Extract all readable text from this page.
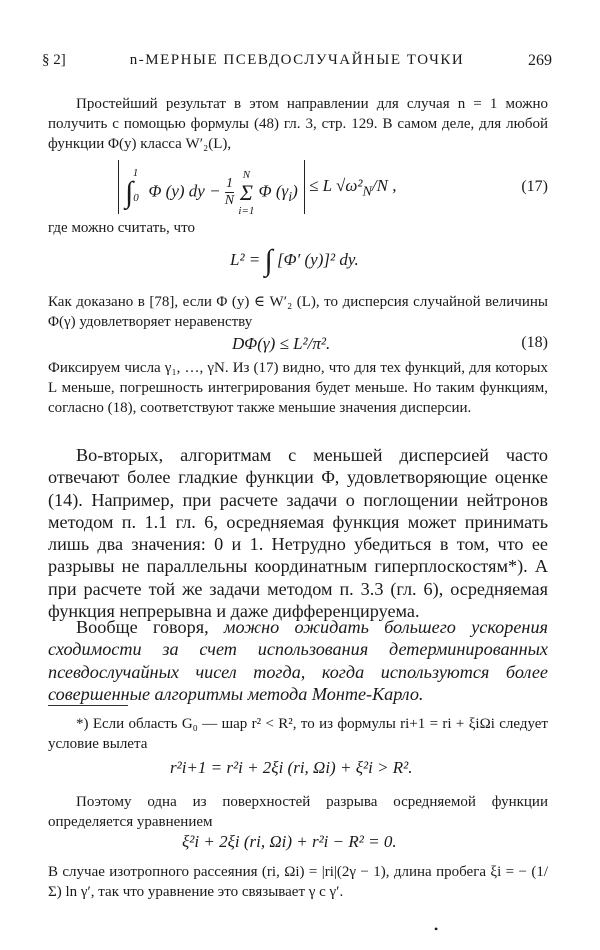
§ 2]	n-МЕРНЫЕ ПСЕВДОСЛУЧАЙНЫЕ ТОЧКИ	269

Простейший результат в этом направлении для случая n = 1 можно получить с помощью формулы (48) гл. 3, стр. 129. В самом деле, для любой функции Φ(y) класса W′₂(L),

$\int_0^1$ Φ (y) dy − $\frac{1}{N}$
N
Σ
i=1 Φ $(\gamma_i) \le L$ $√\omega^2_N/N$ ,	(17)

где можно считать, что

L² = ∫ [Φ′ (y)]² dy.

Как доказано в [78], если Φ (y) ∈ W′₂ (L), то дисперсия случайной величины Φ(γ) удовлетворяет неравенству

DΦ(γ) ≤ L²/π².	(18)

Фиксируем числа γ₁, …, γN. Из (17) видно, что для тех функций, для которых L меньше, погрешность интегрирования будет меньше. Но таким функциям, согласно (18), соответствуют также меньшие значения дисперсии.

Во-вторых, алгоритмам с меньшей дисперсией часто отвечают более гладкие функции Φ, удовлетворяющие оценке (14). Например, при расчете задачи о поглощении нейтронов методом п. 1.1 гл. 6, осредняемая функция может принимать лишь два значения: 0 и 1. Нетрудно убедиться в том, что ее разрывы не параллельны координатным гиперплоскостям*). А при расчете той же задачи методом п. 3.3 (гл. 6), осредняемая функция непрерывна и даже дифференцируема.

Вообще говоря, можно ожидать большего ускорения сходимости за счет использования детерминированных псевдослучайных чисел тогда, когда используются более совершенные алгоритмы метода Монте-Карло.

*) Если область G₀ — шар r² < R², то из формулы ri+1 = ri + ξiΩi следует условие вылета

r²i+1 = r²i + 2ξi (ri, Ωi) + ξ²i > R².

Поэтому одна из поверхностей разрыва осредняемой функции определяется уравнением

ξ²i + 2ξi (ri, Ωi) + r²i − R² = 0.

В случае изотропного рассеяния (ri, Ωi) = |ri|(2γ − 1), длина пробега ξi = − (1/Σ) ln γ′, так что уравнение это связывает γ с γ′.

•
